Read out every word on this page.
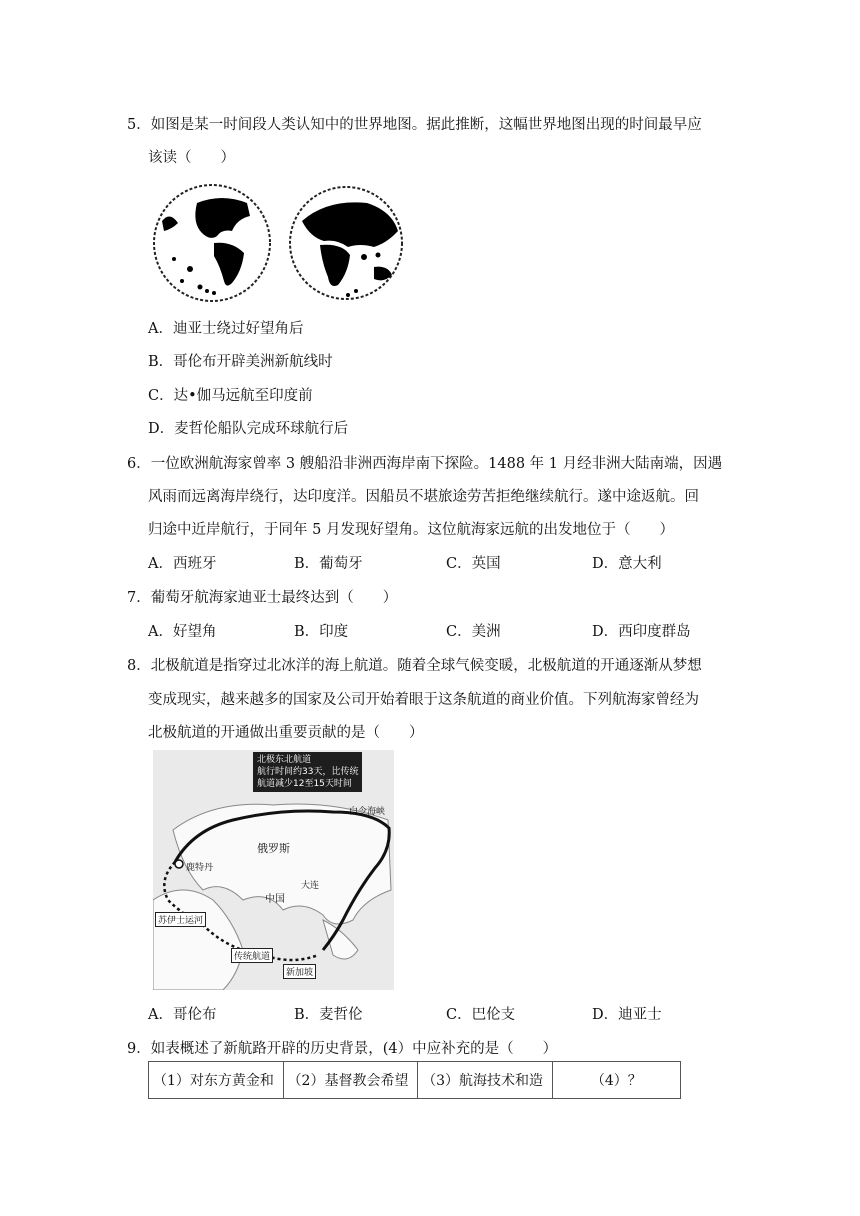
5．如图是某一时间段人类认知中的世界地图。据此推断，这幅世界地图出现的时间最早应
该读（　　）
A．迪亚士绕过好望角后
B．哥伦布开辟美洲新航线时
C．达•伽马远航至印度前
D．麦哲伦船队完成环球航行后
6．一位欧洲航海家曾率 3 艘船沿非洲西海岸南下探险。1488 年 1 月经非洲大陆南端，因遇
风雨而远离海岸绕行，达印度洋。因船员不堪旅途劳苦拒绝继续航行。遂中途返航。回
归途中近岸航行，于同年 5 月发现好望角。这位航海家远航的出发地位于（　　）
A．西班牙	B．葡萄牙	C．英国	D．意大利
7．葡萄牙航海家迪亚士最终达到（　　）
A．好望角	B．印度	C．美洲	D．西印度群岛
8．北极航道是指穿过北冰洋的海上航道。随着全球气候变暖，北极航道的开通逐渐从梦想
变成现实，越来越多的国家及公司开始着眼于这条航道的商业价值。下列航海家曾经为
北极航道的开通做出重要贡献的是（　　）
北极东北航道
航行时间约33天，比传统
航道减少12至15天时间
白令海峡
俄罗斯
鹿特丹
大连
中国
苏伊士运河
传统航道
新加坡
A．哥伦布	B．麦哲伦	C．巴伦支	D．迪亚士
9．如表概述了新航路开辟的历史背景，(4）中应补充的是（　　）
（1）对东方黄金和	（2）基督教会希望	（3）航海技术和造	（4）？
